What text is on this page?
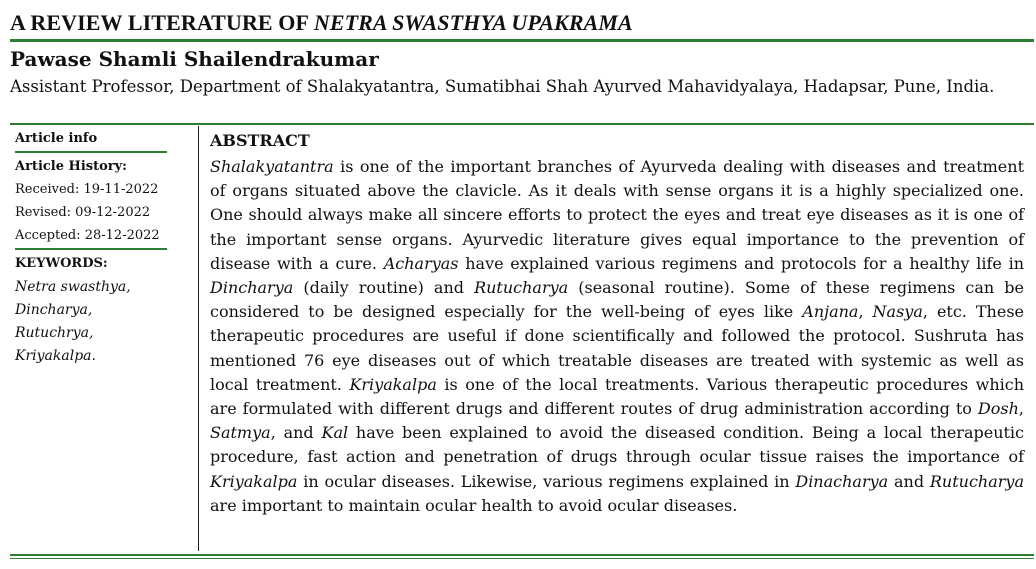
A REVIEW LITERATURE OF NETRA SWASTHYA UPAKRAMA
Pawase Shamli Shailendrakumar
Assistant Professor, Department of Shalakyatantra, Sumatibhai Shah Ayurved Mahavidyalaya, Hadapsar, Pune, India.
Article info
Article History:
Received: 19-11-2022
Revised: 09-12-2022
Accepted: 28-12-2022
KEYWORDS:
Netra swasthya,
Dincharya,
Rutuchrya,
Kriyakalpa.
ABSTRACT

Shalakyatantra is one of the important branches of Ayurveda dealing with diseases and treatment of organs situated above the clavicle. As it deals with sense organs it is a highly specialized one. One should always make all sincere efforts to protect the eyes and treat eye diseases as it is one of the important sense organs. Ayurvedic literature gives equal importance to the prevention of disease with a cure. Acharyas have explained various regimens and protocols for a healthy life in Dincharya (daily routine) and Rutucharya (seasonal routine). Some of these regimens can be considered to be designed especially for the well-being of eyes like Anjana, Nasya, etc. These therapeutic procedures are useful if done scientifically and followed the protocol. Sushruta has mentioned 76 eye diseases out of which treatable diseases are treated with systemic as well as local treatment. Kriyakalpa is one of the local treatments. Various therapeutic procedures which are formulated with different drugs and different routes of drug administration according to Dosh, Satmya, and Kal have been explained to avoid the diseased condition. Being a local therapeutic procedure, fast action and penetration of drugs through ocular tissue raises the importance of Kriyakalpa in ocular diseases. Likewise, various regimens explained in Dinacharya and Rutucharya are important to maintain ocular health to avoid ocular diseases.
